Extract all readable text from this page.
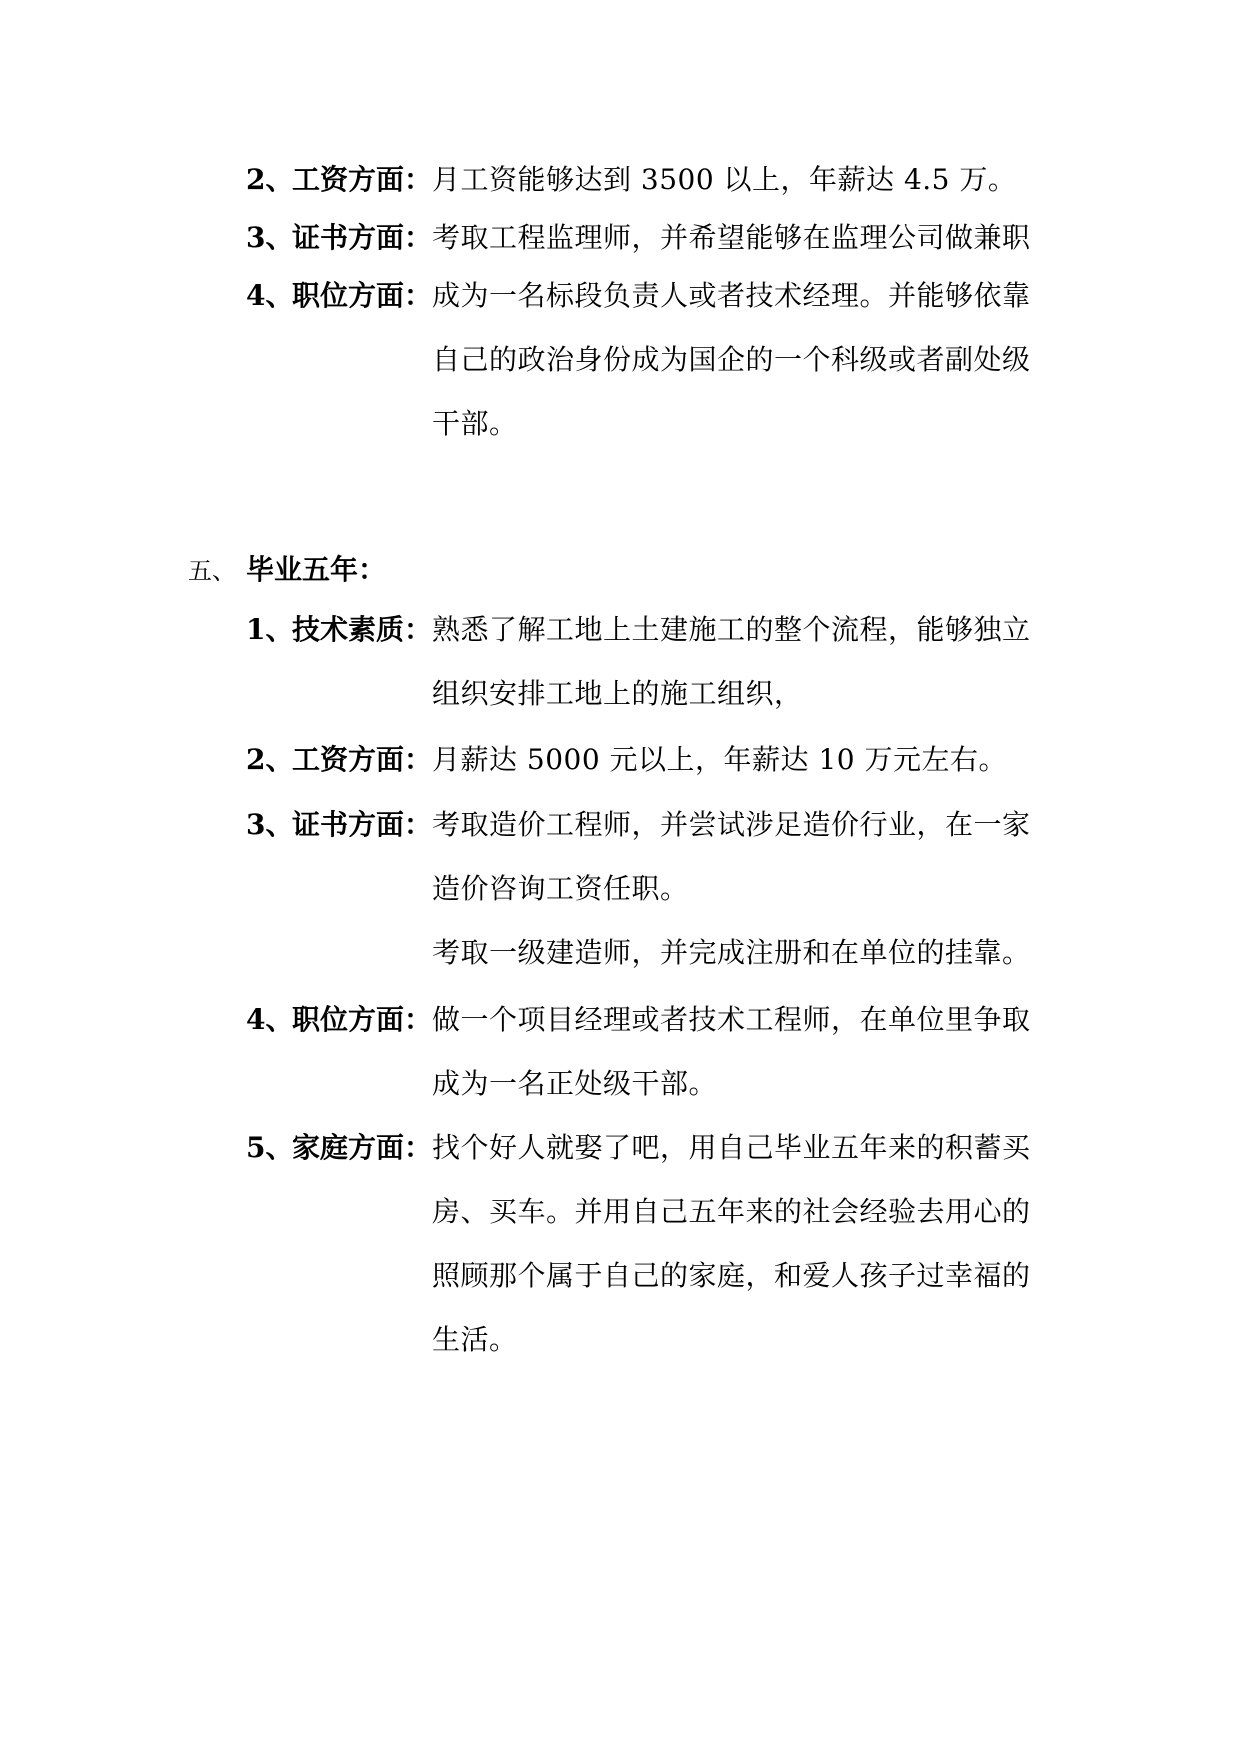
2、
工资方面： 月工资能够达到 3500 以上，年薪达 4.5 万。
3、
证书方面： 考取工程监理师，并希望能够在监理公司做兼职
4、
职位方面： 成为一名标段负责人或者技术经理。并能够依靠
自己的政治身份成为国企的一个科级或者副处级
干部。
五、 毕业五年：
1、
技术素质： 熟悉了解工地上土建施工的整个流程，能够独立
组织安排工地上的施工组织，
2、
工资方面： 月薪达 5000 元以上，年薪达 10 万元左右。
3、
证书方面： 考取造价工程师，并尝试涉足造价行业，在一家
造价咨询工资任职。
考取一级建造师，并完成注册和在单位的挂靠。
4、
职位方面： 做一个项目经理或者技术工程师，在单位里争取
成为一名正处级干部。
5、
家庭方面： 找个好人就娶了吧，用自己毕业五年来的积蓄买
房、买车。并用自己五年来的社会经验去用心的
照顾那个属于自己的家庭，和爱人孩子过幸福的
生活。
